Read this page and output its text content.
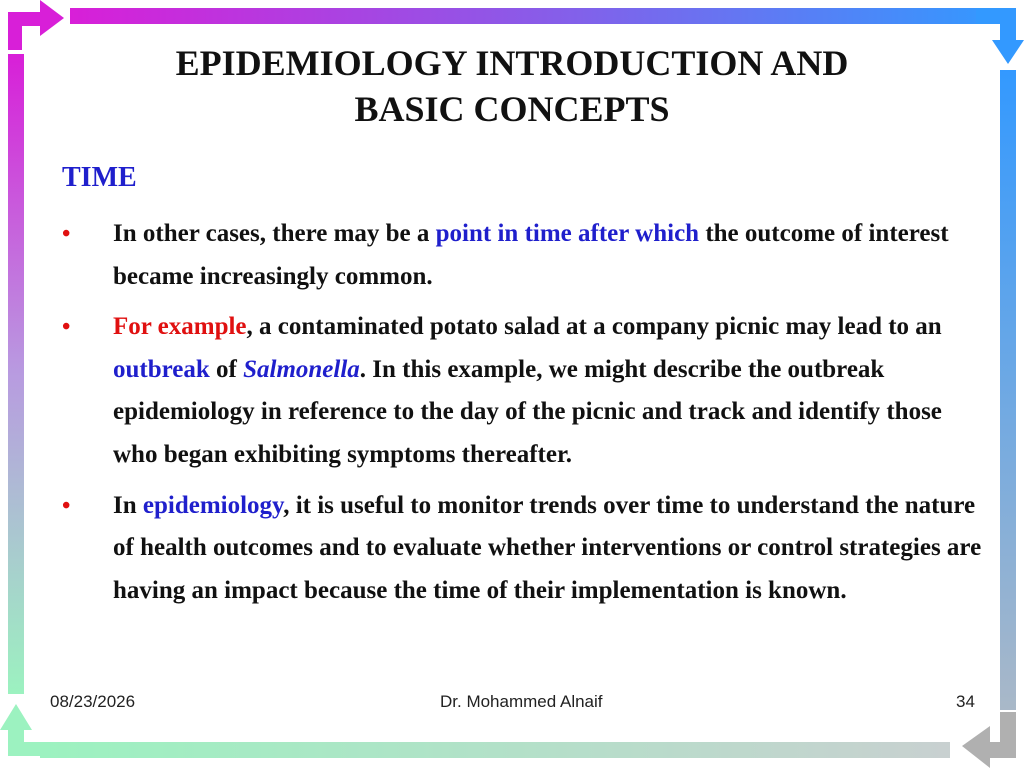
EPIDEMIOLOGY INTRODUCTION AND
BASIC CONCEPTS
TIME
• In other cases, there may be a point in time after which the outcome of interest became increasingly common.
• For example, a contaminated potato salad at a company picnic may lead to an outbreak of Salmonella. In this example, we might describe the outbreak epidemiology in reference to the day of the picnic and track and identify those who began exhibiting symptoms thereafter.
• In epidemiology, it is useful to monitor trends over time to understand the nature of health outcomes and to evaluate whether interventions or control strategies are having an impact because the time of their implementation is known.
08/23/2026	Dr. Mohammed Alnaif	34
